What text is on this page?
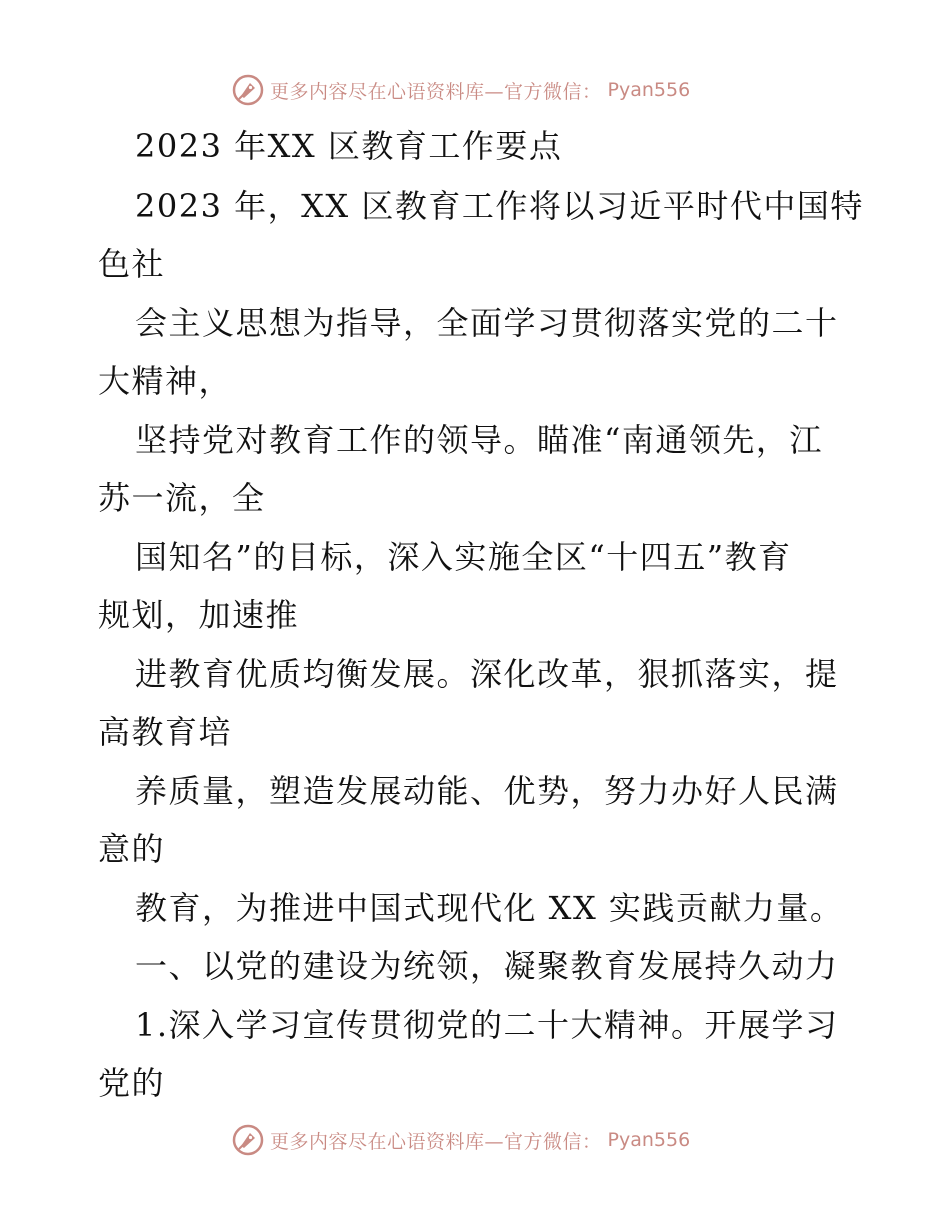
更多内容尽在心语资料库—官方微信： Pyan556
2023 年XX 区教育工作要点
2023 年，XX 区教育工作将以习近平时代中国特
色社
会主义思想为指导，全面学习贯彻落实党的二十
大精神，
坚持党对教育工作的领导。瞄准“南通领先，江
苏一流，全
国知名”的目标，深入实施全区“十四五”教育
规划，加速推
进教育优质均衡发展。深化改革，狠抓落实，提
高教育培
养质量，塑造发展动能、优势，努力办好人民满
意的
教育，为推进中国式现代化 XX 实践贡献力量。
一、以党的建设为统领，凝聚教育发展持久动力
1.深入学习宣传贯彻党的二十大精神。开展学习
党的
更多内容尽在心语资料库—官方微信： Pyan556
